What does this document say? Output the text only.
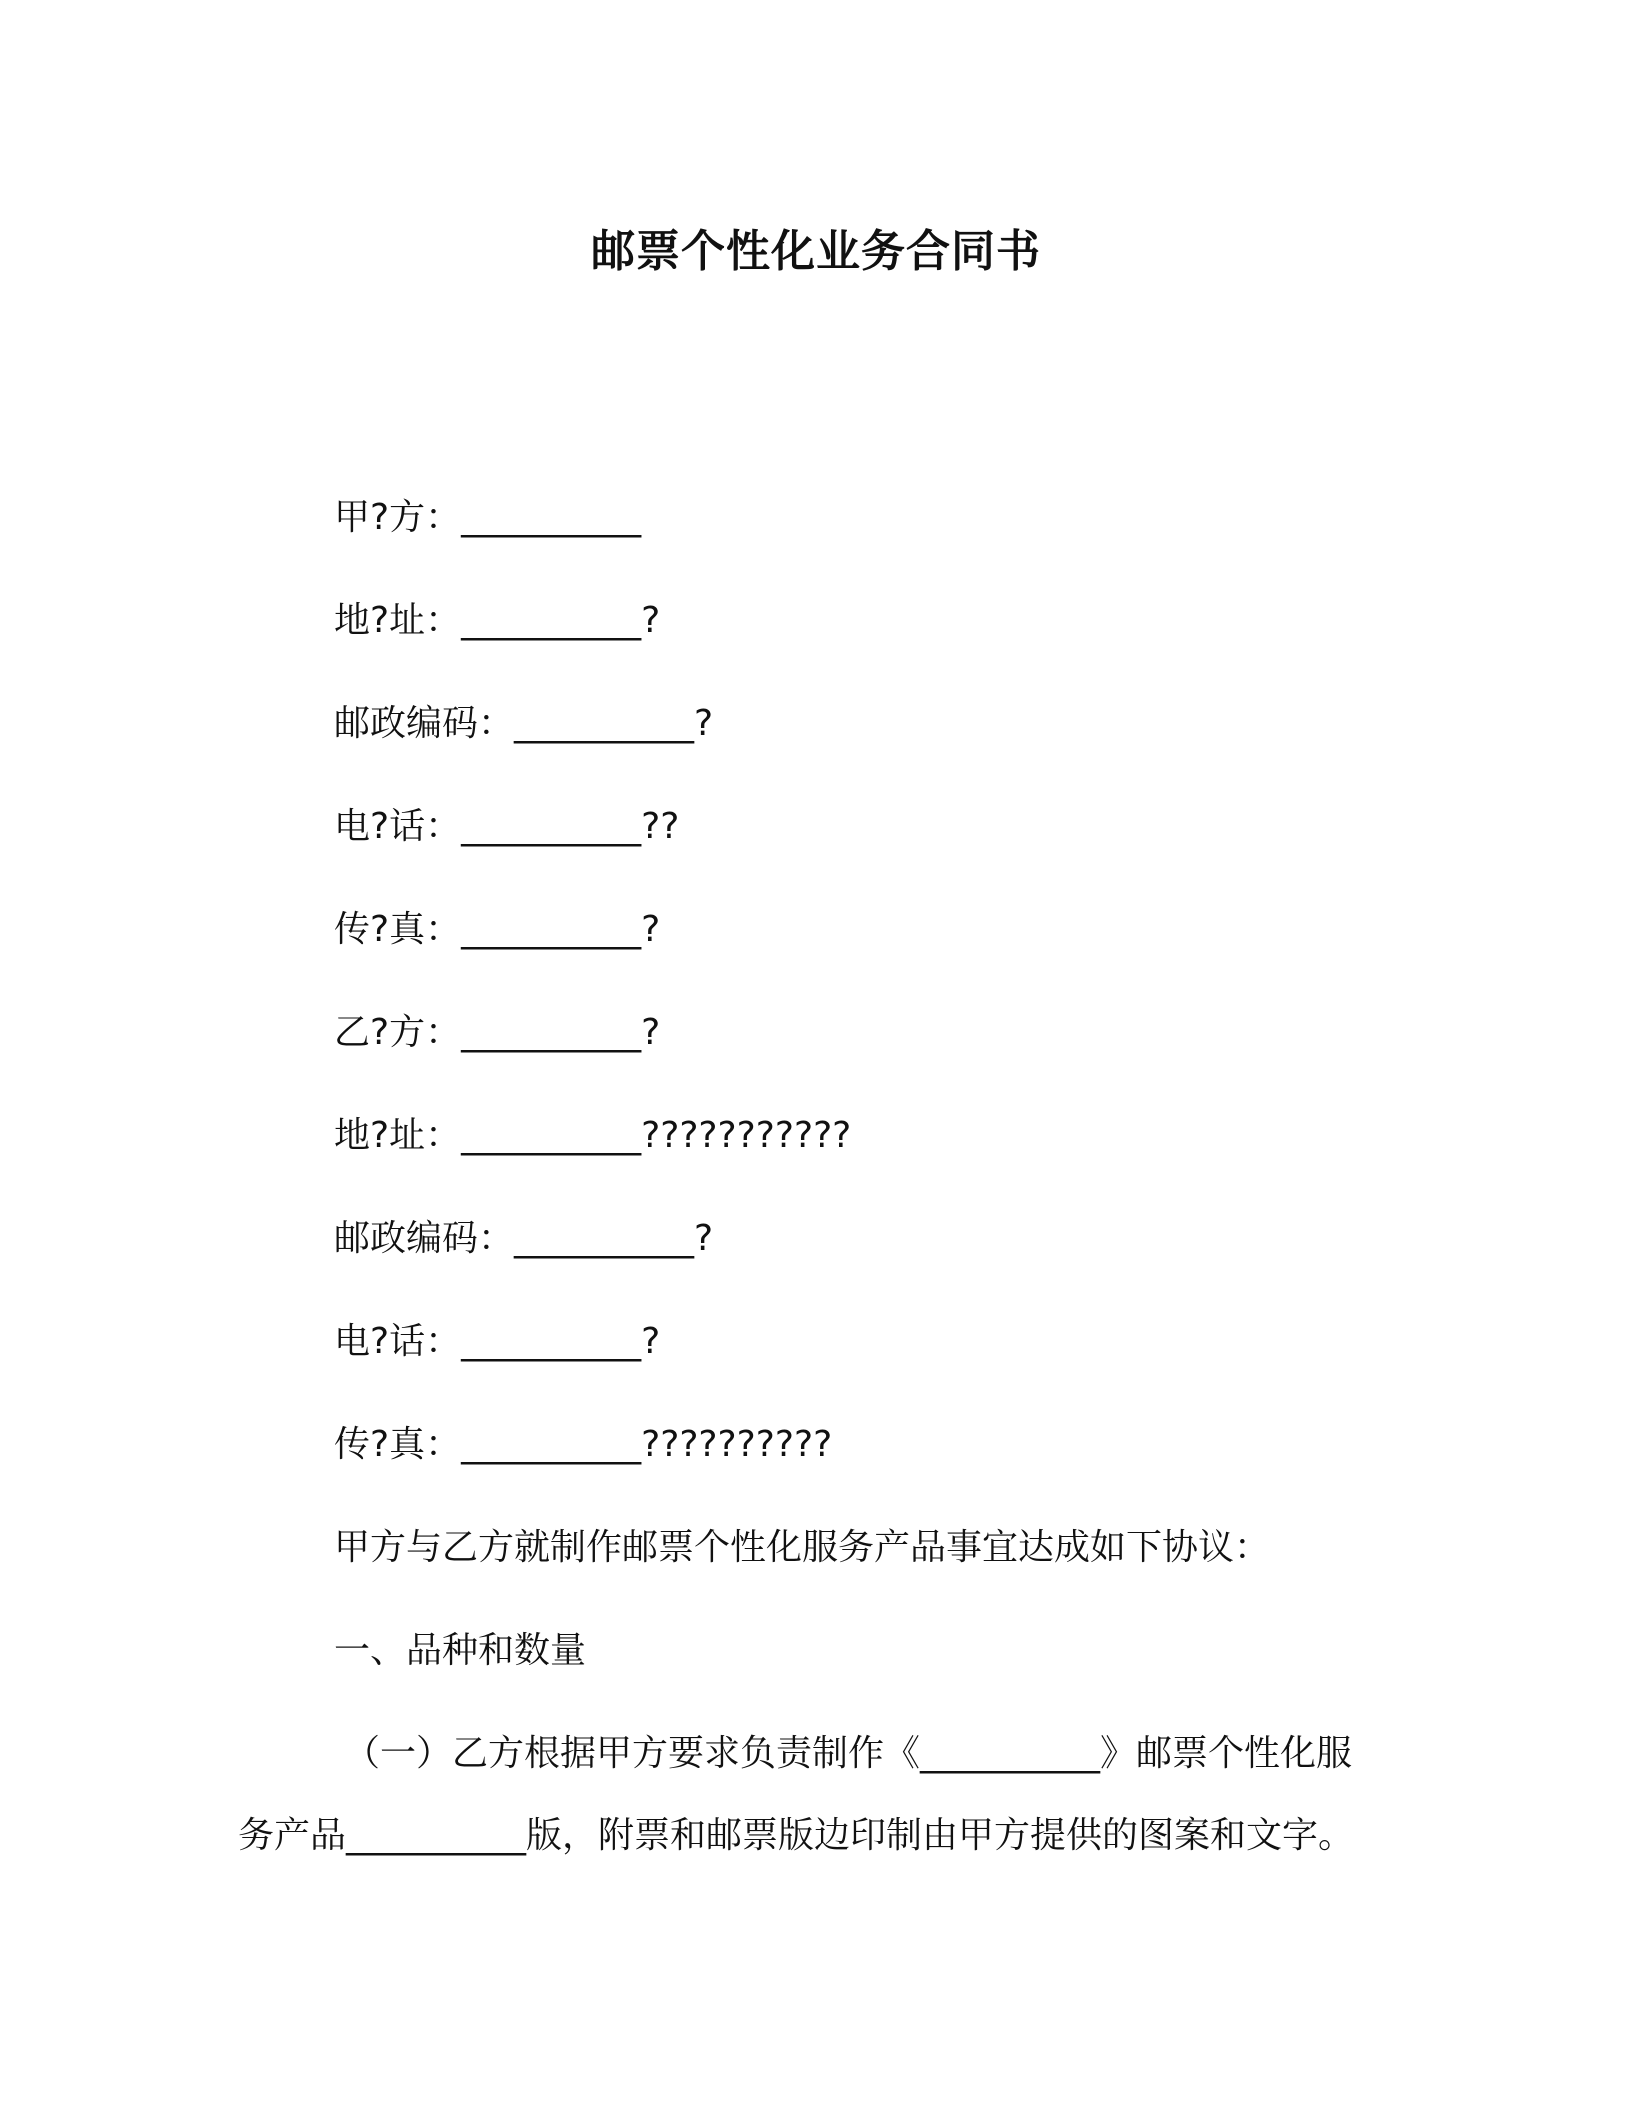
邮票个性化业务合同书
甲?方：__________
地?址：__________?
邮政编码：__________?
电?话：__________??
传?真：__________?
乙?方：__________?
地?址：__________???????????
邮政编码：__________?
电?话：__________?
传?真：__________??????????
甲方与乙方就制作邮票个性化服务产品事宜达成如下协议：
一、品种和数量
（一）乙方根据甲方要求负责制作《__________》邮票个性化服
务产品__________版，附票和邮票版边印制由甲方提供的图案和文字。
